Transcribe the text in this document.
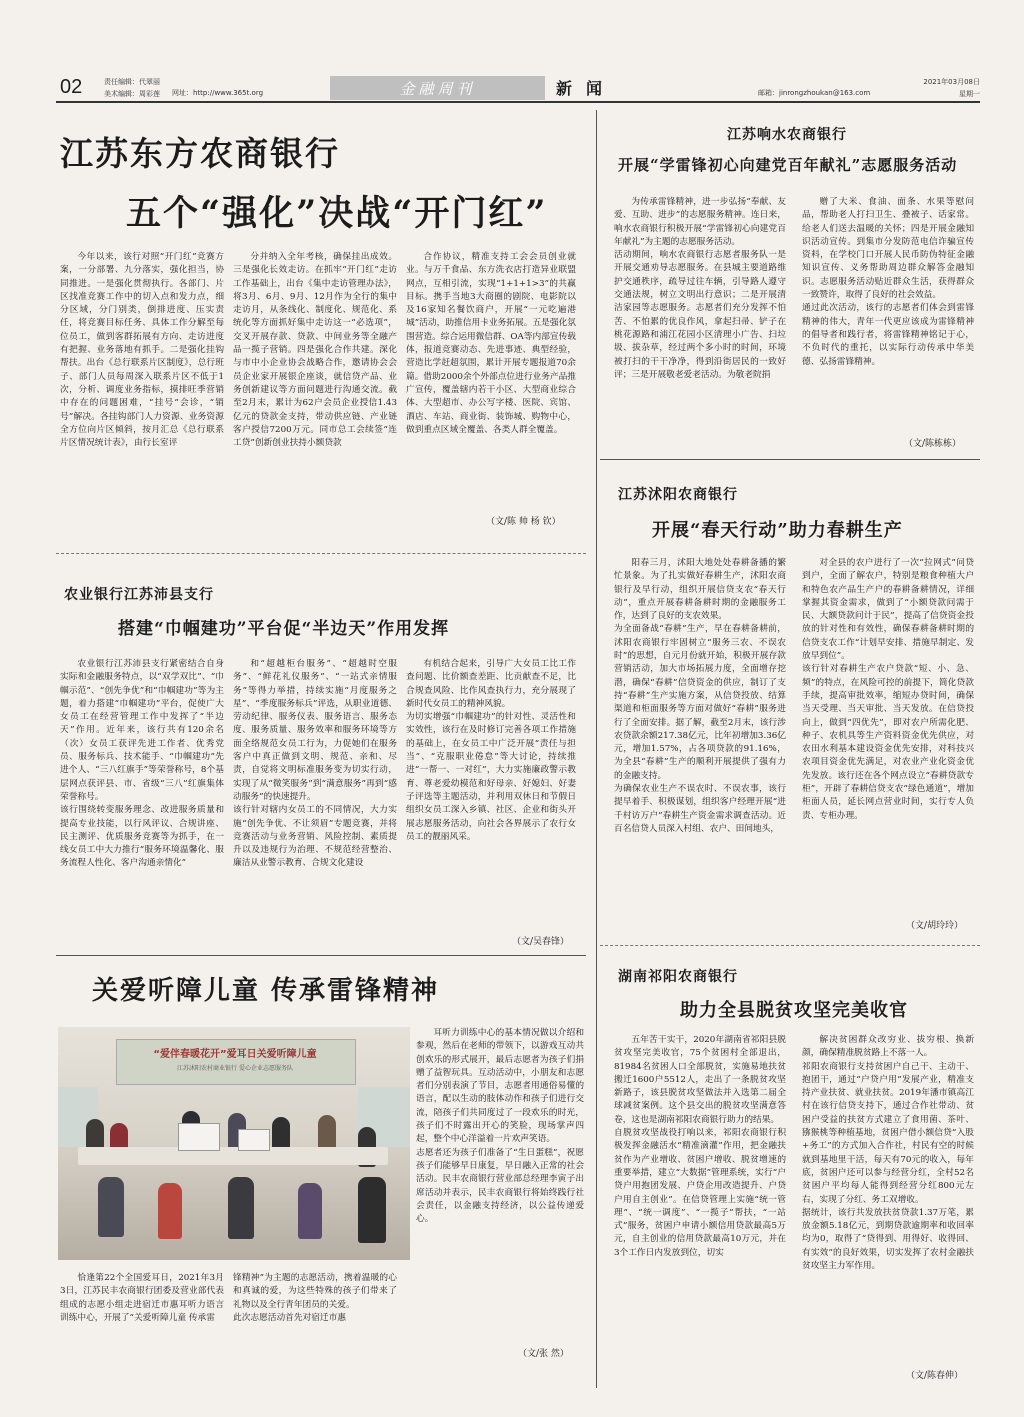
02	责任编辑：代翠丽
美术编辑：周彩莲 网址：http://www.365t.org	金融周刊	新闻	邮箱：jinrongzhoukan@163.com
2021年03月08日
星期一
江苏东方农商银行
五个“强化”决战“开门红”

今年以来，该行对照“开门红”竞赛方案，一分部署、九分落实，强化担当，协同推进。一是强化贯彻执行。各部门、片区找准竞赛工作中的切入点和发力点，细分区域，分门别类，倒排进度、压实责任，将竞赛目标任务、具体工作分解至每位员工，做到客群拓展有方向、走访进度有把握、业务落地有抓手。二是强化挂钩帮扶。出台《总行联系片区制度》，总行班子、部门人员每周深入联系片区不低于1次，分析、调度业务指标，摸排旺季营销中存在的问题困难，“挂号”会诊，“销号”解决。各挂钩部门人力资源、业务资源全方位向片区倾斜，按月汇总《总行联系片区情况统计表》，由行长室评

分并纳入全年考核，确保挂出成效。三是强化长效走访。在抓牢“开门红”走访工作基础上，出台《集中走访管理办法》，将3月、6月、9月、12月作为全行的集中走访月，从条线化、制度化、规范化、系统化等方面抓好集中走访这一“必选项”，交叉开展存款、贷款、中间业务等全融产品一揽子营销。四是强化合作共建。深化与市中小企业协会战略合作，邀请协会会员企业家开展银企座谈，就信贷产品、业务创新建议等方面问题进行沟通交流。截至2月末，累计为62户会员企业授信1.43亿元的贷款金支持，带动供应链、产业链客户授信7200万元。同市总工会续签“连工贷”创新创业扶持小额贷款

合作协议，精准支持工会会员创业就业。与万千食品、东方洗衣店打造异业联盟网点，互相引流，实现“1+1+1>3”的共赢目标。携手当地3大商圈的剧院、电影院以及16家知名餐饮商户，开展“一元吃遍港城”活动，助推信用卡业务拓展。五是强化氛围营造。综合运用微信群、OA等内部宣传载体，报道竞赛动态、先进事迹、典型经验，营造比学赶超氛围，累计开展专题报道70余篇。借助2000余个外部点位进行业务产品推广宣传，覆盖辖内若干小区、大型商业综合体、大型超市、办公写字楼、医院、宾馆、酒店、车站、商业街、装饰城、购物中心，做到重点区域全覆盖、各类人群全覆盖。

（文/陈 帅 杨 钦）
农业银行江苏沛县支行
搭建“巾帼建功”平台促“半边天”作用发挥
农业银行江苏沛县支行紧密结合自身实际和金融服务特点，以“双学双比”、“巾帼示范”、“创先争优”和“巾帼建功”等为主题，着力搭建“巾帼建功”平台，促使广大女员工在经营管理工作中发挥了“半边天”作用。近年来，该行共有120余名（次）女员工获评先进工作者、优秀党员、服务标兵、技术能手、“巾帼建功”先进个人、“三八红旗手”等荣誉称号，8个基层网点获评县、市、省级“三八”红旗集体荣誉称号。
该行围绕转变服务理念、改进服务质量和提高专业技能，以行风评议、合规讲座、民主测评、优质服务竞赛等为抓手，在一线女员工中大力推行“服务环境温馨化、服务流程人性化、客户沟通亲情化”
和“超越柜台服务”、“超越时空服务”、“鲜花礼仪服务”、“一站式亲情服务”等得力举措，持续实施“月度服务之星”、“季度服务标兵”评选，从职业道德、劳动纪律、服务仪表、服务语言、服务态度、服务质量、服务效率和服务环境等方面全络规范女员工行为，力促她们在服务客户中真正做到文明、规范、亲和、尽责，自觉将文明标准服务变为切实行动，实现了从“微笑服务”到“满意服务”再到“感动服务”的快速提升。
该行针对辖内女员工的不同情况，大力实施“创先争优、不让须眉”专题竞赛，并将竞赛活动与业务营销、风险控制、素质提升以及违规行为治理、不规范经营整治、廉洁从业警示教育、合规文化建设
有机结合起来，引导广大女员工比工作查问题、比价额查差距、比贡献查不足，比合规查风险、比作风查执行力，充分展现了新时代女员工的精神风貌。
为切实增强“巾帼建功”的针对性、灵活性和实效性，该行在及时修订完善各项工作措施的基础上，在女员工中广泛开展“责任与担当”、“克服职业倦怠”等大讨论，持续推进“一帮一、一对红”，大力实施廉政警示教育、尊老爱幼模范和好母亲、好媳妇、好妻子评选等主题活动，并利用双休日和节假日组织女员工深入乡镇、社区、企业和街头开展志愿服务活动，向社会各界展示了农行女员工的靓丽风采。
（文/吴春锋）
关爱听障儿童 传承雷锋精神
“爱伴春暖花开”爱耳日关爱听障儿童
江苏沭阳农村商业银行 爱心企业志愿服务队

恰逢第22个全国爱耳日，2021年3月3日，江苏民丰农商银行团委及营业部代表组成的志愿小组走进宿迁市惠耳听力语言训练中心，开展了“关爱听障儿童 传承雷

锋精神”为主题的志愿活动，携着温暖的心和真诚的爱，为这些特殊的孩子们带来了礼物以及全行青年团员的关爱。
此次志愿活动首先对宿迁市惠
耳听力训练中心的基本情况做以介绍和参观，然后在老师的带领下，以游戏互动共创欢乐的形式展开，最后志愿者为孩子们捐赠了益智玩具。互动活动中，小朋友和志愿者们分别表演了节目，志愿者用通俗易懂的语言，配以生动的肢体动作和孩子们进行交流，陪孩子们共同度过了一段欢乐的时光，孩子们不时露出开心的笑脸，现场掌声四起，整个中心洋溢着一片欢声笑语。
志愿者还为孩子们准备了“生日蛋糕”，祝愿孩子们能够早日康复，早日融入正常的社会活动。民丰农商银行营业部总经理李寅子出席活动并表示，民丰农商银行将始终践行社会责任，以金融支持经济，以公益传递爱心。
（文/张 然）
江苏响水农商银行
开展“学雷锋初心向建党百年献礼”志愿服务活动
为传承雷锋精神，进一步弘扬“奉献、友爱、互助、进步”的志愿服务精神。连日来，响水农商银行积极开展“学雷锋初心向建党百年献礼”为主题的志愿服务活动。
活动期间，响水农商银行志愿者服务队一是开展交通劝导志愿服务。在县城主要道路维护交通秩序，疏导过往车辆，引导路人遵守交通法规，树立文明出行意识；二是开展清洁家园等志愿服务。志愿者们充分发挥不怕苦、不怕累的优良作风，拿起扫帚、铲子在桃花源路和浦江花园小区清理小广告、扫垃圾、拔杂草，经过两个多小时的时间，环境被打扫的干干净净，得到沿街居民的一致好评；三是开展敬老爱老活动。为敬老院捐
赠了大米、食油、面条、水果等慰问品，帮助老人打扫卫生、叠被子、话家常。给老人们送去温暖的关怀；四是开展金融知识活动宣传。到集市分发防范电信诈骗宣传资料，在学校门口开展人民币防伪特征金融知识宣传、义务帮助周边群众解答金融知识。志愿服务活动贴近群众生活，获得群众一致赞许，取得了良好的社会效益。
通过此次活动，该行的志愿者们体会到雷锋精神的伟大，青年一代更应该成为雷锋精神的倡导者和践行者，将雷锋精神铭记于心，不负时代的重托，以实际行动传承中华美德、弘扬雷锋精神。
（文/陈栋栋）
江苏沭阳农商银行
开展“春天行动”助力春耕生产
阳春三月，沭阳大地处处春耕备播的繁忙景象。为了扎实做好春耕生产，沭阳农商银行及早行动，组织开展信贷支农“春天行动”，重点开展春耕备耕时期的金融服务工作，达到了良好的支农效果。
为全面备战“春耕”生产，早在春耕备耕前，沭阳农商银行牢固树立“服务三农、不误农时”的思想，自元月份就开始，积极开展存款营销活动，加大市场拓展力度，全面增存挖潜，确保“春耕”信贷资金的供应，制订了支持“春耕”生产实施方案，从信贷投放、结算渠道和柜面服务等方面对做好“春耕”服务进行了全面安排。据了解，截至2月末，该行涉农贷款余额217.38亿元，比年初增加3.36亿元，增加1.57%，占各项贷款的91.16%，为全县“春耕”生产的顺利开展提供了强有力的金融支持。
为确保农业生产不误农时、不误农事，该行提早着手、积极谋划，组织客户经理开展“进千村访万户”春耕生产资金需求调查活动。近百名信贷人员深入村组、农户、田间地头，
对全县的农户进行了一次“拉网式”问贷到户，全面了解农户，特别是粮食种植大户和特色农产品生产户的春耕备耕情况，详细掌握其资金需求，做到了“小额贷款问需于民、大额贷款问计于民”，提高了信贷资金投放的针对性和有效性，确保春耕备耕时期的信贷支农工作“计划早安排、措施早制定、发放早到位”。
该行针对春耕生产农户贷款“短、小、急、频”的特点，在风险可控的前提下，简化贷款手续，提高审批效率，缩短办贷时间，确保当天受理、当天审批、当天发放。在信贷投向上，做到“四优先”，即对农户所需化肥、种子、农机具等生产资料资金优先供应，对农田水利基本建设资金优先安排，对科技兴农项目资金优先满足，对农业产业化资金优先发放。该行还在各个网点设立“春耕贷款专柜”，开辟了春耕信贷支农“绿色通道”，增加柜面人员，延长网点营业时间，实行专人负责、专柜办理。
（文/胡玲玲）
湖南祁阳农商银行
助力全县脱贫攻坚完美收官
五年苦干实干，2020年湖南省祁阳县脱贫攻坚完美收官，75个贫困村全部退出，81984名贫困人口全部脱贫，实施易地扶贫搬迁1600户5512人，走出了一条脱贫攻坚新路子，该县脱贫攻坚做法并入选第二届全球减贫案例。这个县交出的脱贫攻坚满意答卷，这也是湖南祁阳农商银行助力的结果。
自脱贫攻坚战役打响以来，祁阳农商银行积极发挥金融活水“精准滴灌”作用，把金融扶贫作为产业增收、贫困户增收、脱贫增速的重要举措，建立“大数据”管理系统，实行“户贷户用抱团发展、户贷企用改造提升、户贷户用自主创业”。在信贷管理上实施“统一管理”、“统一调度”、“一揽子”帮扶，“一站式”服务，贫困户申请小额信用贷款最高5万元，自主创业的信用贷款最高10万元，并在3个工作日内发放到位，切实
解决贫困群众改穷业、拔穷根、换新颜，确保精准脱贫路上不落一人。
祁阳农商银行支持贫困户自己干、主动干、抱团干，通过“户贷户用”发展产业，精准支持产业扶贫、就业扶贫。2019年潘市镇高江村在该行信贷支持下，通过合作社带动、贫困户受益的扶贫方式建立了食用菌、茶叶、猕猴桃等种植基地，贫困户借小额信贷“入股+务工”的方式加入合作社，村民有空的时候就到基地里干活，每天有70元的收入，每年底，贫困户还可以参与经营分红，全村52名贫困户平均每人能得到经营分红800元左右，实现了分红、务工双增收。
据统计，该行共发放扶贫贷款1.37万笔，累放金额5.18亿元，到期贷款逾期率和收回率均为0，取得了“贷得到、用得好、收得回、有实效”的良好效果，切实发挥了农村金融扶贫攻坚主力军作用。
（文/陈春伸）
